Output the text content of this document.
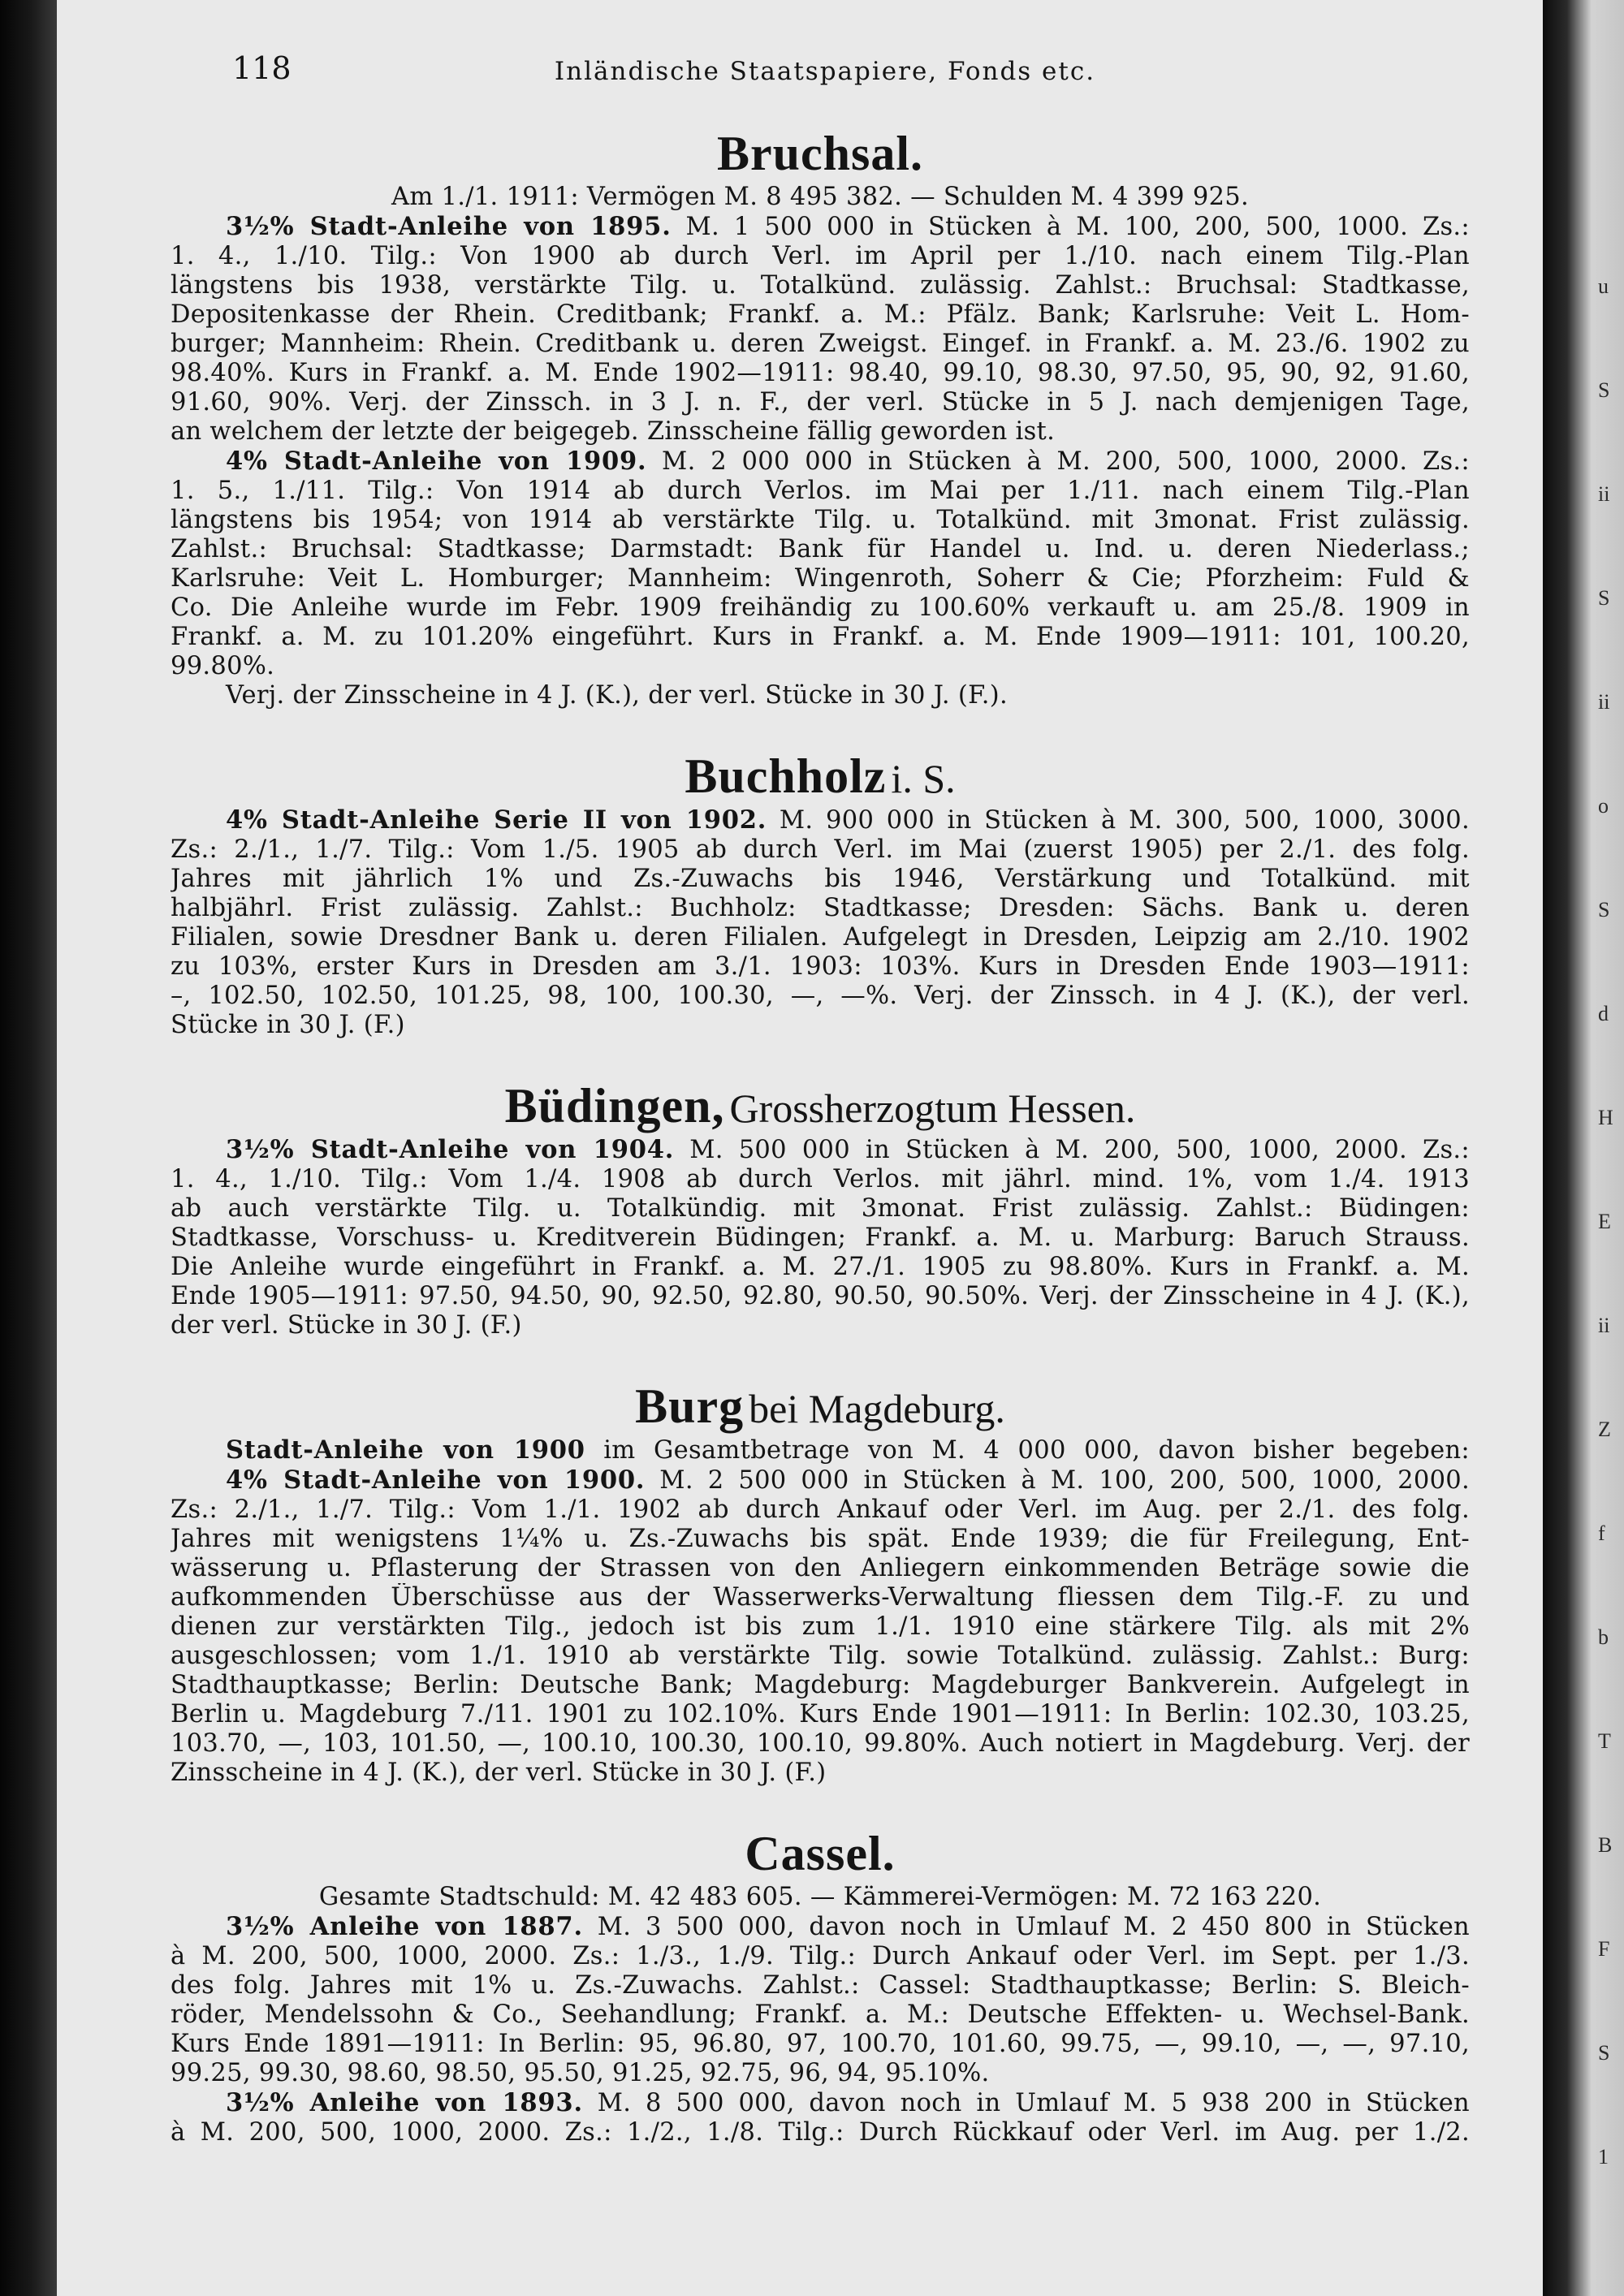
118	Inländische Staatspapiere, Fonds etc.
Bruchsal.
Am 1./1. 1911: Vermögen M. 8 495 382. — Schulden M. 4 399 925.
3½% Stadt-Anleihe von 1895. M. 1 500 000 in Stücken à M. 100, 200, 500, 1000. Zs.:
1. 4., 1./10. Tilg.: Von 1900 ab durch Verl. im April per 1./10. nach einem Tilg.-Plan
längstens bis 1938, verstärkte Tilg. u. Totalkünd. zulässig. Zahlst.: Bruchsal: Stadtkasse,
Depositenkasse der Rhein. Creditbank; Frankf. a. M.: Pfälz. Bank; Karlsruhe: Veit L. Hom-
burger; Mannheim: Rhein. Creditbank u. deren Zweigst. Eingef. in Frankf. a. M. 23./6. 1902 zu
98.40%. Kurs in Frankf. a. M. Ende 1902—1911: 98.40, 99.10, 98.30, 97.50, 95, 90, 92, 91.60,
91.60, 90%. Verj. der Zinssch. in 3 J. n. F., der verl. Stücke in 5 J. nach demjenigen Tage,
an welchem der letzte der beigegeb. Zinsscheine fällig geworden ist.
4% Stadt-Anleihe von 1909. M. 2 000 000 in Stücken à M. 200, 500, 1000, 2000. Zs.:
1. 5., 1./11. Tilg.: Von 1914 ab durch Verlos. im Mai per 1./11. nach einem Tilg.-Plan
längstens bis 1954; von 1914 ab verstärkte Tilg. u. Totalkünd. mit 3monat. Frist zulässig.
Zahlst.: Bruchsal: Stadtkasse; Darmstadt: Bank für Handel u. Ind. u. deren Niederlass.;
Karlsruhe: Veit L. Homburger; Mannheim: Wingenroth, Soherr & Cie; Pforzheim: Fuld &
Co. Die Anleihe wurde im Febr. 1909 freihändig zu 100.60% verkauft u. am 25./8. 1909 in
Frankf. a. M. zu 101.20% eingeführt. Kurs in Frankf. a. M. Ende 1909—1911: 101, 100.20,
99.80%.
Verj. der Zinsscheine in 4 J. (K.), der verl. Stücke in 30 J. (F.).
Buchholz i. S.
4% Stadt-Anleihe Serie II von 1902. M. 900 000 in Stücken à M. 300, 500, 1000, 3000.
Zs.: 2./1., 1./7. Tilg.: Vom 1./5. 1905 ab durch Verl. im Mai (zuerst 1905) per 2./1. des folg.
Jahres mit jährlich 1% und Zs.-Zuwachs bis 1946, Verstärkung und Totalkünd. mit
halbjährl. Frist zulässig. Zahlst.: Buchholz: Stadtkasse; Dresden: Sächs. Bank u. deren
Filialen, sowie Dresdner Bank u. deren Filialen. Aufgelegt in Dresden, Leipzig am 2./10. 1902
zu 103%, erster Kurs in Dresden am 3./1. 1903: 103%. Kurs in Dresden Ende 1903—1911:
–, 102.50, 102.50, 101.25, 98, 100, 100.30, —, —%. Verj. der Zinssch. in 4 J. (K.), der verl.
Stücke in 30 J. (F.)
Büdingen, Grossherzogtum Hessen.
3½% Stadt-Anleihe von 1904. M. 500 000 in Stücken à M. 200, 500, 1000, 2000. Zs.:
1. 4., 1./10. Tilg.: Vom 1./4. 1908 ab durch Verlos. mit jährl. mind. 1%, vom 1./4. 1913
ab auch verstärkte Tilg. u. Totalkündig. mit 3monat. Frist zulässig. Zahlst.: Büdingen:
Stadtkasse, Vorschuss- u. Kreditverein Büdingen; Frankf. a. M. u. Marburg: Baruch Strauss.
Die Anleihe wurde eingeführt in Frankf. a. M. 27./1. 1905 zu 98.80%. Kurs in Frankf. a. M.
Ende 1905—1911: 97.50, 94.50, 90, 92.50, 92.80, 90.50, 90.50%. Verj. der Zinsscheine in 4 J. (K.),
der verl. Stücke in 30 J. (F.)
Burg bei Magdeburg.
Stadt-Anleihe von 1900 im Gesamtbetrage von M. 4 000 000, davon bisher begeben:
4% Stadt-Anleihe von 1900. M. 2 500 000 in Stücken à M. 100, 200, 500, 1000, 2000.
Zs.: 2./1., 1./7. Tilg.: Vom 1./1. 1902 ab durch Ankauf oder Verl. im Aug. per 2./1. des folg.
Jahres mit wenigstens 1¼% u. Zs.-Zuwachs bis spät. Ende 1939; die für Freilegung, Ent-
wässerung u. Pflasterung der Strassen von den Anliegern einkommenden Beträge sowie die
aufkommenden Überschüsse aus der Wasserwerks-Verwaltung fliessen dem Tilg.-F. zu und
dienen zur verstärkten Tilg., jedoch ist bis zum 1./1. 1910 eine stärkere Tilg. als mit 2%
ausgeschlossen; vom 1./1. 1910 ab verstärkte Tilg. sowie Totalkünd. zulässig. Zahlst.: Burg:
Stadthauptkasse; Berlin: Deutsche Bank; Magdeburg: Magdeburger Bankverein. Aufgelegt in
Berlin u. Magdeburg 7./11. 1901 zu 102.10%. Kurs Ende 1901—1911: In Berlin: 102.30, 103.25,
103.70, —, 103, 101.50, —, 100.10, 100.30, 100.10, 99.80%. Auch notiert in Magdeburg. Verj. der
Zinsscheine in 4 J. (K.), der verl. Stücke in 30 J. (F.)
Cassel.
Gesamte Stadtschuld: M. 42 483 605. — Kämmerei-Vermögen: M. 72 163 220.
3½% Anleihe von 1887. M. 3 500 000, davon noch in Umlauf M. 2 450 800 in Stücken
à M. 200, 500, 1000, 2000. Zs.: 1./3., 1./9. Tilg.: Durch Ankauf oder Verl. im Sept. per 1./3.
des folg. Jahres mit 1% u. Zs.-Zuwachs. Zahlst.: Cassel: Stadthauptkasse; Berlin: S. Bleich-
röder, Mendelssohn & Co., Seehandlung; Frankf. a. M.: Deutsche Effekten- u. Wechsel-Bank.
Kurs Ende 1891—1911: In Berlin: 95, 96.80, 97, 100.70, 101.60, 99.75, —, 99.10, —, —, 97.10,
99.25, 99.30, 98.60, 98.50, 95.50, 91.25, 92.75, 96, 94, 95.10%.
3½% Anleihe von 1893. M. 8 500 000, davon noch in Umlauf M. 5 938 200 in Stücken
à M. 200, 500, 1000, 2000. Zs.: 1./2., 1./8. Tilg.: Durch Rückkauf oder Verl. im Aug. per 1./2.
u
S
ii
S
ii
o
S
d
H
E
ii
Z
f
b
T
B
F
S
1
